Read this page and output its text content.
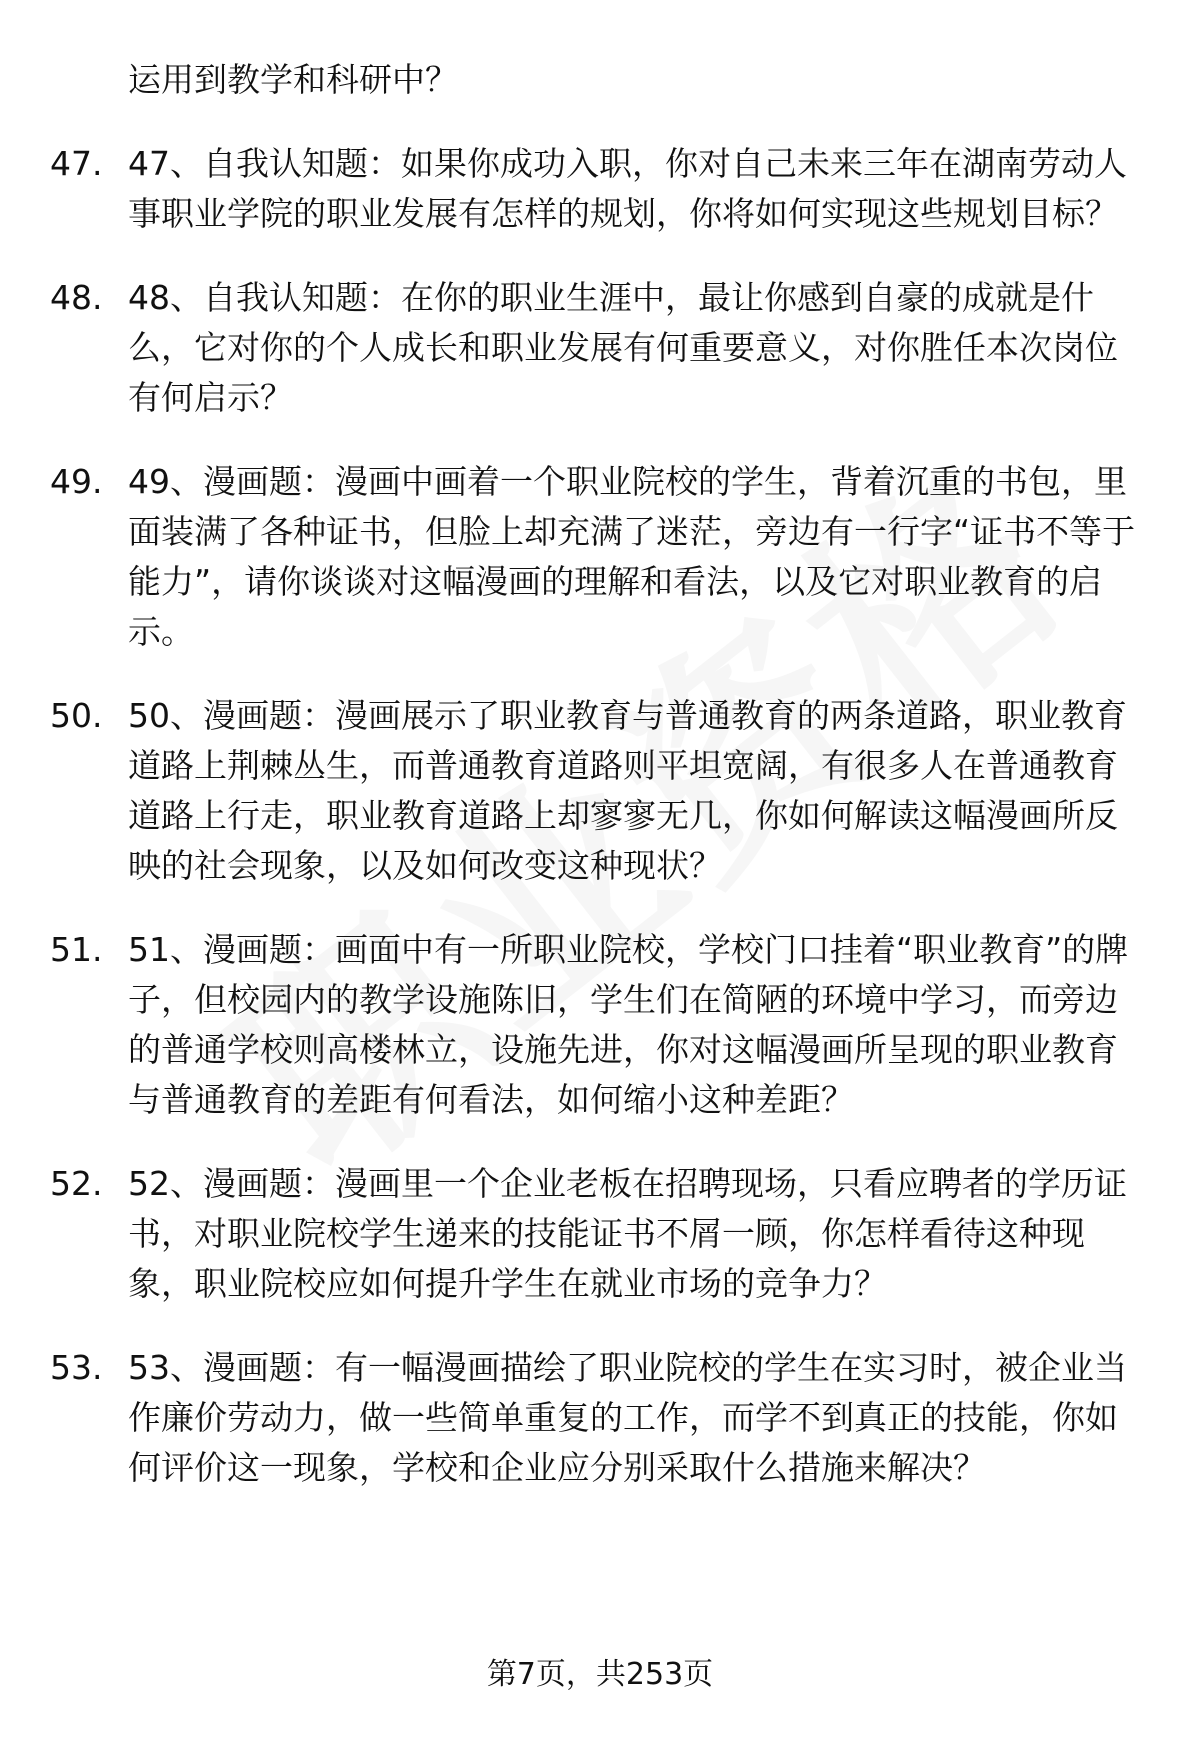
运用到教学和科研中？
47. 47、自我认知题：如果你成功入职，你对自己未来三年在湖南劳动人事职业学院的职业发展有怎样的规划，你将如何实现这些规划目标？
48. 48、自我认知题：在你的职业生涯中，最让你感到自豪的成就是什么，它对你的个人成长和职业发展有何重要意义，对你胜任本次岗位有何启示？
49. 49、漫画题：漫画中画着一个职业院校的学生，背着沉重的书包，里面装满了各种证书，但脸上却充满了迷茫，旁边有一行字“证书不等于能力”，请你谈谈对这幅漫画的理解和看法，以及它对职业教育的启示。
50. 50、漫画题：漫画展示了职业教育与普通教育的两条道路，职业教育道路上荆棘丛生，而普通教育道路则平坦宽阔，有很多人在普通教育道路上行走，职业教育道路上却寥寥无几，你如何解读这幅漫画所反映的社会现象，以及如何改变这种现状？
51. 51、漫画题：画面中有一所职业院校，学校门口挂着“职业教育”的牌子，但校园内的教学设施陈旧，学生们在简陋的环境中学习，而旁边的普通学校则高楼林立，设施先进，你对这幅漫画所呈现的职业教育与普通教育的差距有何看法，如何缩小这种差距？
52. 52、漫画题：漫画里一个企业老板在招聘现场，只看应聘者的学历证书，对职业院校学生递来的技能证书不屑一顾，你怎样看待这种现象，职业院校应如何提升学生在就业市场的竞争力？
53. 53、漫画题：有一幅漫画描绘了职业院校的学生在实习时，被企业当作廉价劳动力，做一些简单重复的工作，而学不到真正的技能，你如何评价这一现象，学校和企业应分别采取什么措施来解决？
第7页，共253页
